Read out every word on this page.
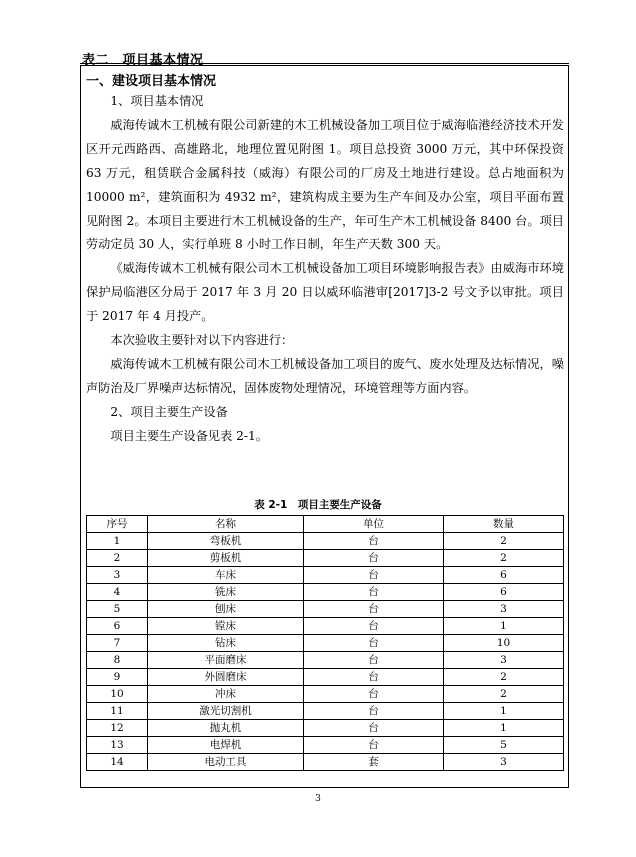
表二　项目基本情况
一、建设项目基本情况

1、项目基本情况

威海传诚木工机械有限公司新建的木工机械设备加工项目位于威海临港经济技术开发区开元西路西、高雄路北，地理位置见附图 1。项目总投资 3000 万元，其中环保投资 63 万元，租赁联合金属科技（威海）有限公司的厂房及土地进行建设。总占地面积为 10000 m²，建筑面积为 4932 m²，建筑构成主要为生产车间及办公室，项目平面布置见附图 2。本项目主要进行木工机械设备的生产，年可生产木工机械设备 8400 台。项目劳动定员 30 人，实行单班 8 小时工作日制，年生产天数 300 天。

《威海传诚木工机械有限公司木工机械设备加工项目环境影响报告表》由威海市环境保护局临港区分局于 2017 年 3 月 20 日以威环临港审[2017]3-2 号文予以审批。项目于 2017 年 4 月投产。

本次验收主要针对以下内容进行：

威海传诚木工机械有限公司木工机械设备加工项目的废气、废水处理及达标情况，噪声防治及厂界噪声达标情况，固体废物处理情况，环境管理等方面内容。

2、项目主要生产设备

项目主要生产设备见表 2-1。

表 2-1　项目主要生产设备
序号	名称	单位	数量
1	弯板机	台	2
2	剪板机	台	2
3	车床	台	6
4	铣床	台	6
5	刨床	台	3
6	镗床	台	1
7	钻床	台	10
8	平面磨床	台	3
9	外圆磨床	台	2
10	冲床	台	2
11	激光切割机	台	1
12	抛丸机	台	1
13	电焊机	台	5
14	电动工具	套	3
3
